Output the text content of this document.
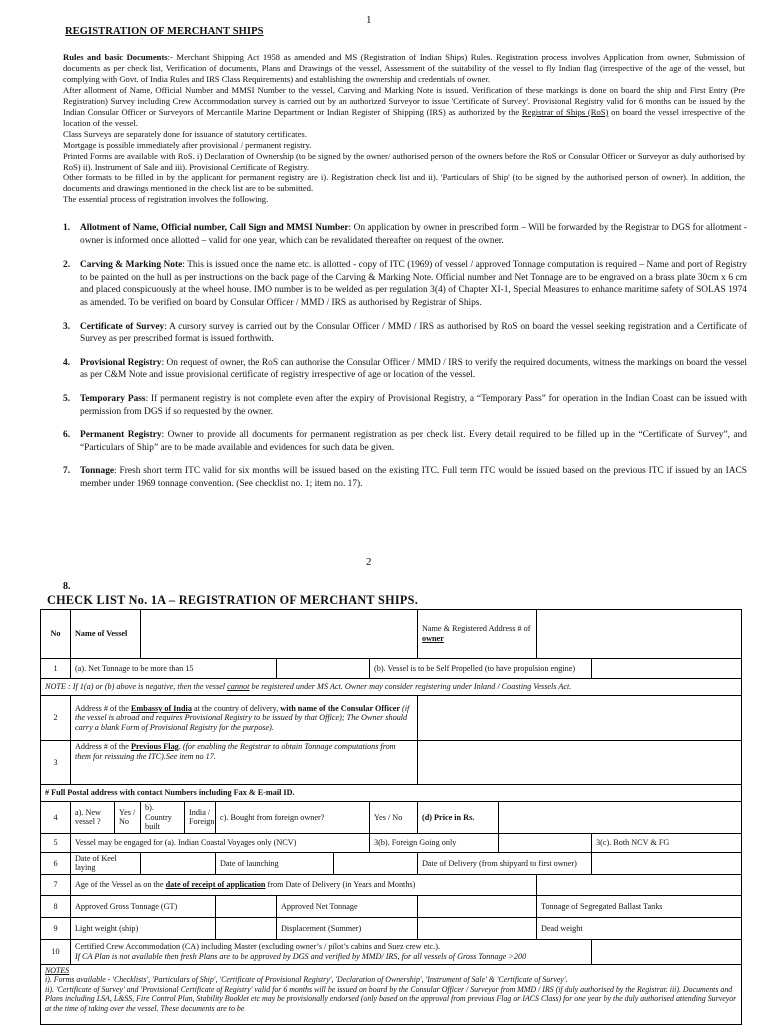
1
REGISTRATION OF MERCHANT SHIPS
Rules and basic Documents:- Merchant Shipping Act 1958 as amended and MS (Registration of Indian Ships) Rules. Registration process involves Application from owner, Submission of documents as per check list, Verification of documents, Plans and Drawings of the vessel, Assessment of the suitability of the vessel to fly Indian flag (irrespective of the age of the vessel, but complying with Govt. of India Rules and IRS Class Requirements) and establishing the ownership and credentials of owner.
After allotment of Name, Official Number and MMSI Number to the vessel, Carving and Marking Note is issued. Verification of these markings is done on board the ship and First Entry (Pre Registration) Survey including Crew Accommodation survey is carried out by an authorized Surveyor to issue 'Certificate of Survey'. Provisional Registry valid for 6 months can be issued by the Indian Consular Officer or Surveyors of Mercantile Marine Department or Indian Register of Shipping (IRS) as authorized by the Registrar of Ships (RoS) on board the vessel irrespective of the location of the vessel.
Class Surveys are separately done for issuance of statutory certificates.
Mortgage is possible immediately after provisional / permanent registry.
Printed Forms are available with RoS. i) Declaration of Ownership (to be signed by the owner/ authorised person of the owners before the RoS or Consular Officer or Surveyor as duly authorised by RoS) ii). Instrument of Sale and iii). Provisional Certificate of Registry.
Other formats to be filled in by the applicant for permanent registry are i). Registration check list and ii). 'Particulars of Ship' (to be signed by the authorised person of owner). In addition, the documents and drawings mentioned in the check list are to be submitted.
The essential process of registration involves the following.
1. Allotment of Name, Official number, Call Sign and MMSI Number: On application by owner in prescribed form – Will be forwarded by the Registrar to DGS for allotment - owner is informed once allotted – valid for one year, which can be revalidated thereafter on request of the owner.
2. Carving & Marking Note: This is issued once the name etc. is allotted - copy of ITC (1969) of vessel / approved Tonnage computation is required – Name and port of Registry to be painted on the hull as per instructions on the back page of the Carving & Marking Note. Official number and Net Tonnage are to be engraved on a brass plate 30cm x 6 cm and placed conspicuously at the wheel house. IMO number is to be welded as per regulation 3(4) of Chapter XI-1, Special Measures to enhance maritime safety of SOLAS 1974 as amended. To be verified on board by Consular Officer / MMD / IRS as authorised by Registrar of Ships.
3. Certificate of Survey: A cursory survey is carried out by the Consular Officer / MMD / IRS as authorised by RoS on board the vessel seeking registration and a Certificate of Survey as per prescribed format is issued forthwith.
4. Provisional Registry: On request of owner, the RoS can authorise the Consular Officer / MMD / IRS to verify the required documents, witness the markings on board the vessel as per C&M Note and issue provisional certificate of registry irrespective of age or location of the vessel.
5. Temporary Pass: If permanent registry is not complete even after the expiry of Provisional Registry, a “Temporary Pass” for operation in the Indian Coast can be issued with permission from DGS if so requested by the owner.
6. Permanent Registry: Owner to provide all documents for permanent registration as per check list. Every detail required to be filled up in the “Certificate of Survey”, and “Particulars of Ship” are to be made available and evidences for such data be given.
7. Tonnage: Fresh short term ITC valid for six months will be issued based on the existing ITC. Full term ITC would be issued based on the previous ITC if issued by an IACS member under 1969 tonnage convention. (See checklist no. 1; item no. 17).
2
8.
CHECK LIST No. 1A – REGISTRATION OF MERCHANT SHIPS.
No	Name of Vessel								Name & Registered Address # of owner				
1	(a). Net Tonnage to be more than 15							(b). Vessel is to be Self Propelled (to have propulsion engine)					
NOTE : If 1(a) or (b) above is negative, then the vessel cannot be registered under MS Act. Owner may consider registering under Inland / Coasting Vessels Act.													
2	Address # of the Embassy of India at the country of delivery, with name of the Consular Officer (if the vessel is abroad and requires Provisional Registry to be issued by that Office); The Owner should carry a blank Form of Provisional Registry for the purpose).												
3	Address # of the Previous Flag. (for enabling the Registrar to obtain Tonnage computations from them for reissuing the ITC).See item no 17.												
# Full Postal address with contact Numbers including Fax & E-mail ID.													
4	a). New vessel ?	Yes / No	b). Country built	India / Foreign	c). Bought from foreign owner?			Yes / No	(d) Price in Rs.				
5	Vessel may be engaged for (a). Indian Coastal Voyages only (NCV)							3(b). Foreign Going only				3(c). Both NCV & FG	
6	Date of Keel laying				Date of launching				Date of Delivery (from shipyard to first owner)				
7	Age of the Vessel as on the date of receipt of application from Date of Delivery (in Years and Months)												
8	Approved Gross Tonnage (GT)					Approved Net Tonnage					Tonnage of Segregated Ballast Tanks		
9	Light weight (ship)					Displacement (Summer)					Dead weight		
10	Certified Crew Accommodation (CA) including Master (excluding owner’s / pilot’s cabins and Suez crew etc.).
If CA Plan is not available then fresh Plans are to be approved by DGS and verified by MMD/ IRS, for all vessels of Gross Tonnage >200												

NOTES
i). Forms available - 'Checklists', 'Particulars of Ship', 'Certificate of Provisional Registry', 'Declaration of Ownership', 'Instrument of Sale' & 'Certificate of Survey'.
ii). 'Certificate of Survey' and 'Provisional Certificate of Registry' valid for 6 months will be issued on board by the Consular Officer / Surveyor from MMD / IRS (if duly authorised by the Registrar. iii). Documents and Plans including LSA, L&SS, Fire Control Plan, Stability Booklet etc may be provisionally endorsed (only based on the approval from previous Flag or IACS Class) for one year by the duly authorised attending Surveyor at the time of taking over the vessel. These documents are to be													
